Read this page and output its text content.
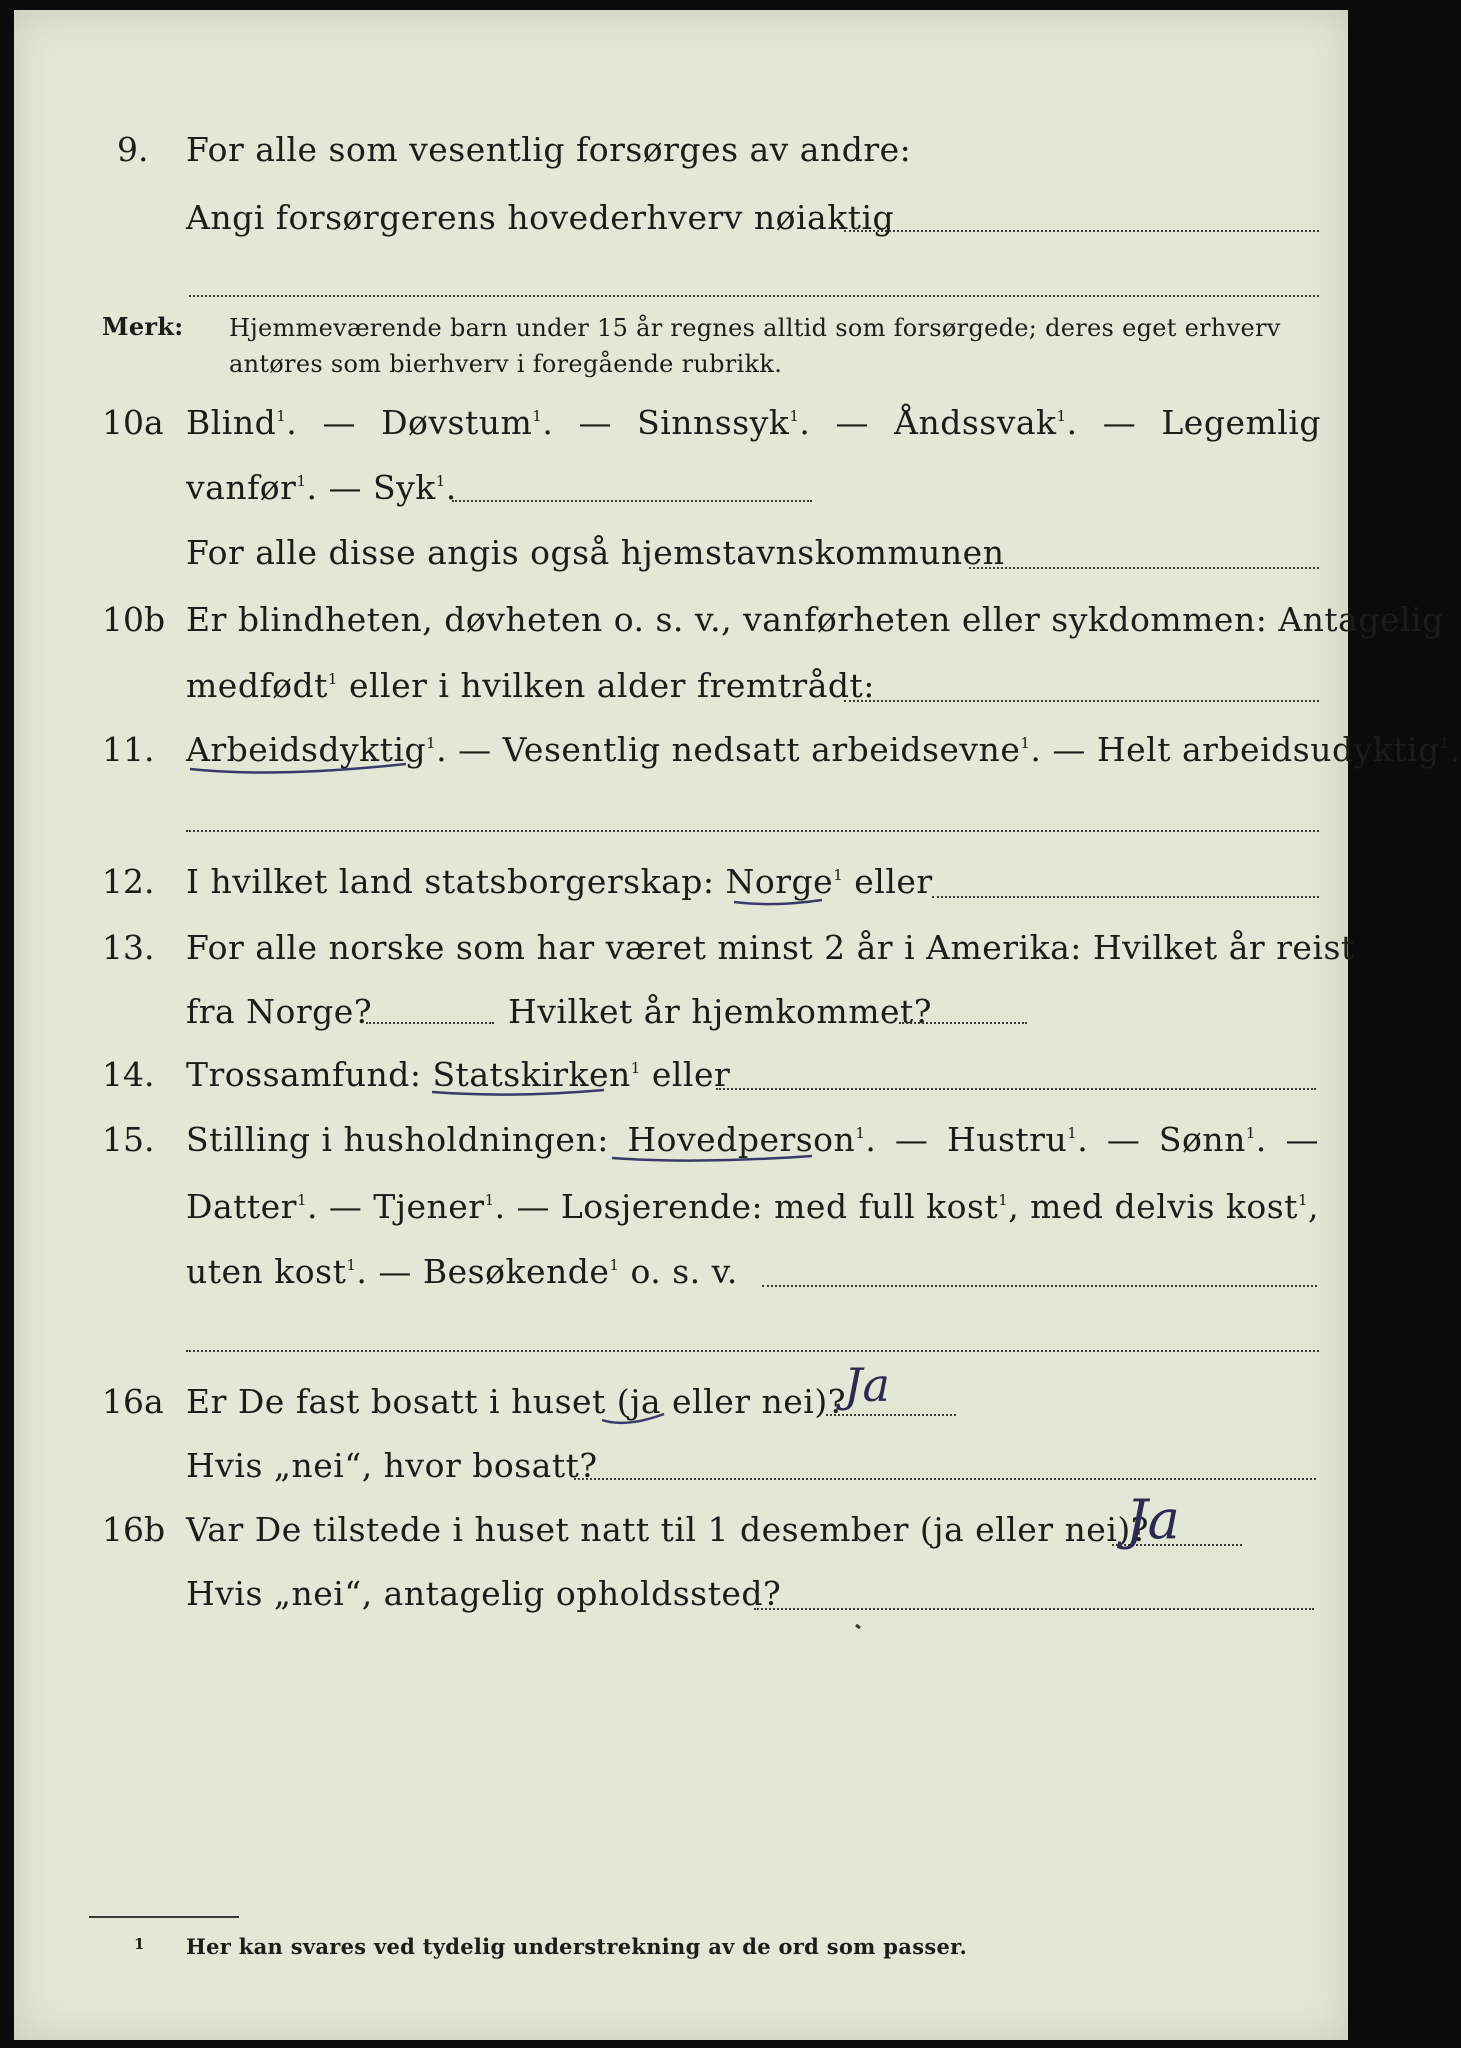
9. For alle som vesentlig forsørges av andre:
Angi forsørgerens hovederhverv nøiaktig
Merk: Hjemmeværende barn under 15 år regnes alltid som forsørgede; deres eget erhverv
antøres som bierhverv i foregående rubrikk.
10a Blind$^1$. — Døvstum$^1$. — Sinnssyk$^1$. — Åndssvak$^1$. — Legemlig
vanfør$^1$. — Syk$^1$.
For alle disse angis også hjemstavnskommunen
10b Er blindheten, døvheten o. s. v., vanførheten eller sykdommen: Antagelig
medfødt$^1$ eller i hvilken alder fremtrådt:
11. Arbeidsdyktig$^1$. — Vesentlig nedsatt arbeidsevne$^1$. — Helt arbeidsudyktig$^1$.
12. I hvilket land statsborgerskap: Norge$^1$ eller
13. For alle norske som har været minst 2 år i Amerika: Hvilket år reist
fra Norge?	Hvilket år hjemkommet?
14. Trossamfund: Statskirken$^1$ eller
15. Stilling i husholdningen: Hovedperson$^1$. — Hustru$^1$. — Sønn$^1$. —
Datter$^1$. — Tjener$^1$. — Losjerende: med full kost$^1$, med delvis kost$^1$,
uten kost$^1$. — Besøkende$^1$ o. s. v.
16a Er De fast bosatt i huset (ja eller nei)?
Ja
Hvis „nei“, hvor bosatt?
16b Var De tilstede i huset natt til 1 desember (ja eller nei)?
Ja
Hvis „nei“, antagelig opholdssted?
1 Her kan svares ved tydelig understrekning av de ord som passer.
